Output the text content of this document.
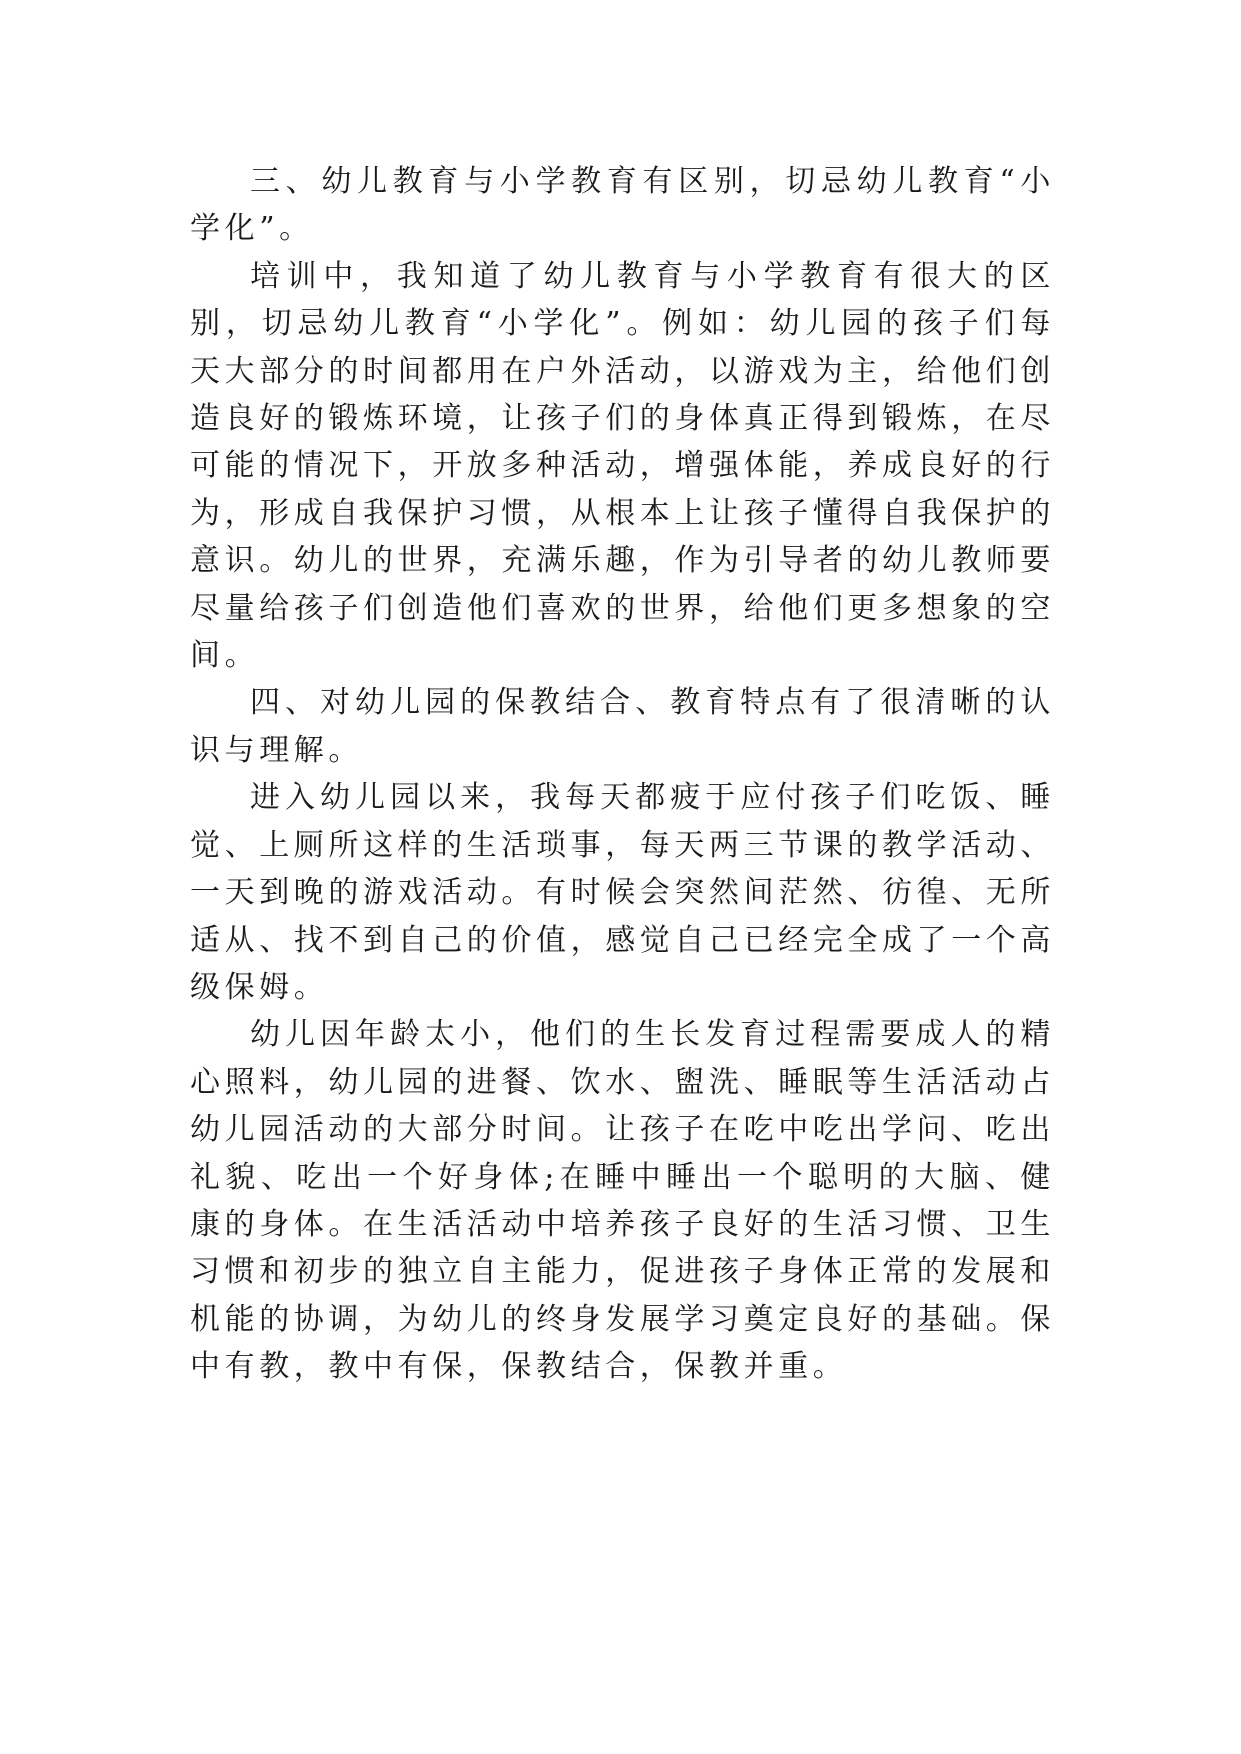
三、幼儿教育与小学教育有区别，切忌幼儿教育“小学化”。

培训中，我知道了幼儿教育与小学教育有很大的区别，切忌幼儿教育“小学化”。例如：幼儿园的孩子们每天大部分的时间都用在户外活动，以游戏为主，给他们创造良好的锻炼环境，让孩子们的身体真正得到锻炼，在尽可能的情况下，开放多种活动，增强体能，养成良好的行为，形成自我保护习惯，从根本上让孩子懂得自我保护的意识。幼儿的世界，充满乐趣，作为引导者的幼儿教师要尽量给孩子们创造他们喜欢的世界，给他们更多想象的空间。

四、对幼儿园的保教结合、教育特点有了很清晰的认识与理解。

进入幼儿园以来，我每天都疲于应付孩子们吃饭、睡觉、上厕所这样的生活琐事，每天两三节课的教学活动、一天到晚的游戏活动。有时候会突然间茫然、彷徨、无所适从、找不到自己的价值，感觉自己已经完全成了一个高级保姆。

幼儿因年龄太小，他们的生长发育过程需要成人的精心照料，幼儿园的进餐、饮水、盥洗、睡眠等生活活动占幼儿园活动的大部分时间。让孩子在吃中吃出学问、吃出礼貌、吃出一个好身体;在睡中睡出一个聪明的大脑、健康的身体。在生活活动中培养孩子良好的生活习惯、卫生习惯和初步的独立自主能力，促进孩子身体正常的发展和机能的协调，为幼儿的终身发展学习奠定良好的基础。保中有教，教中有保，保教结合，保教并重。
